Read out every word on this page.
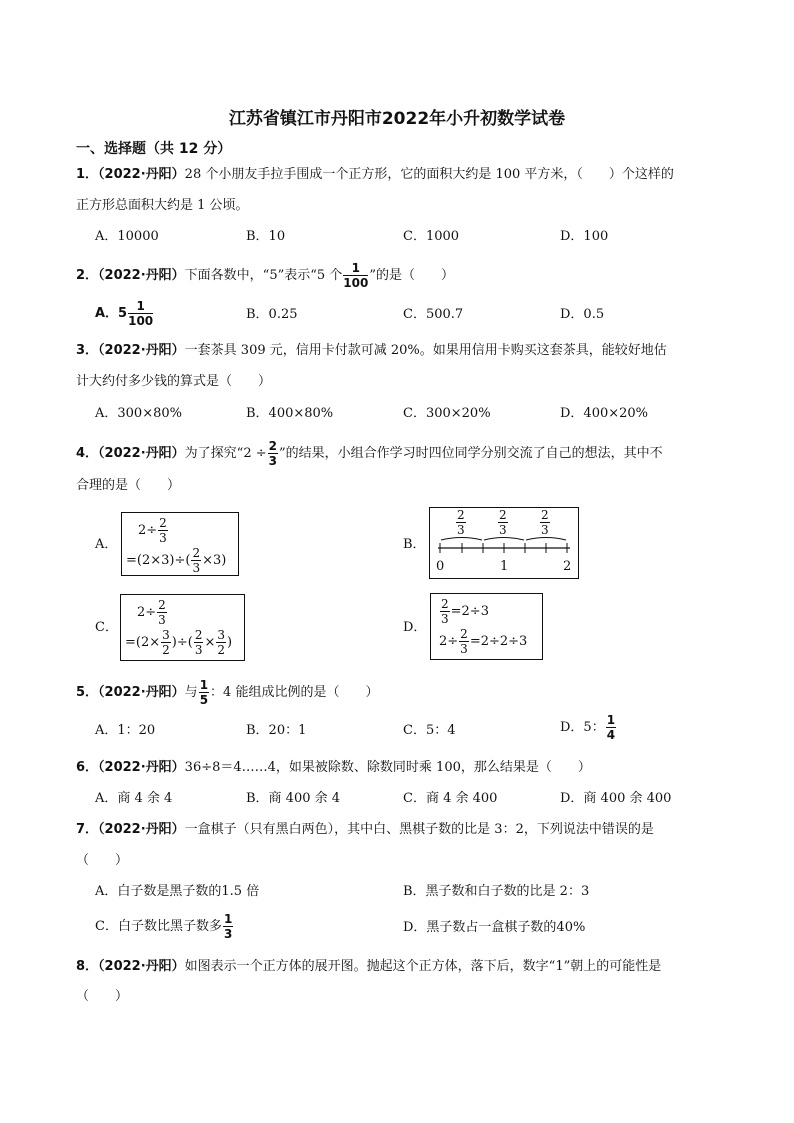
江苏省镇江市丹阳市2022年小升初数学试卷
一、选择题（共 12 分）
1．（2022·丹阳）28 个小朋友手拉手围成一个正方形，它的面积大约是 100 平方米，（　　）个这样的
正方形总面积大约是 1 公顷。
A．10000	B．10	C．1000	D．100
2．（2022·丹阳）下面各数中，“5”表示“5 个 $\frac{1}{100}$ ”的是（　　）
A．$5 \frac{1}{100}$	B．0.25	C．500.7	D．0.5
3．（2022·丹阳）一套茶具 309 元，信用卡付款可减 20%。如果用信用卡购买这套茶具，能较好地估
计大约付多少钱的算式是（　　）
A．300×80%	B．400×80%	C．300×20%	D．400×20%
4．（2022·丹阳）为了探究“$2 \div \frac{2}{3}$ ”的结果，小组合作学习时四位同学分别交流了自己的想法，其中不
合理的是（　　）
A．
$2\div \frac{2}{3}$
$=(2\times 3)\div( \frac{2}{3} \times 3)$
B．
$\frac{2}{3}$	$\frac{2}{3}$	$\frac{2}{3}$
0	1	2
C．
$2\div \frac{2}{3}$
$=(2\times \frac{3}{2}$ )÷( $\frac{2}{3} \times \frac{3}{2}$ )
D．
$\frac{2}{3} =2\div 3$
$2\div \frac{2}{3} =2\div 2\div 3$
5．（2022·丹阳）与 $\frac{1}{5}$ ：4 能组成比例的是（　　）
A．1：20	B．20：1	C．5：4	D．5： $\frac{1}{4}$
6．（2022·丹阳）36÷8＝4……4，如果被除数、除数同时乘 100，那么结果是（　　）
A．商 4 余 4	B．商 400 余 4	C．商 4 余 400	D．商 400 余 400
7．（2022·丹阳）一盒棋子（只有黑白两色），其中白、黑棋子数的比是 3：2，下列说法中错误的是
（　　）
A．白子数是黑子数的1.5 倍	B．黑子数和白子数的比是 2：3
C．白子数比黑子数多 $\frac{1}{3}$	D．黑子数占一盒棋子数的40%
8．（2022·丹阳）如图表示一个正方体的展开图。抛起这个正方体，落下后，数字“1”朝上的可能性是
（　　）
